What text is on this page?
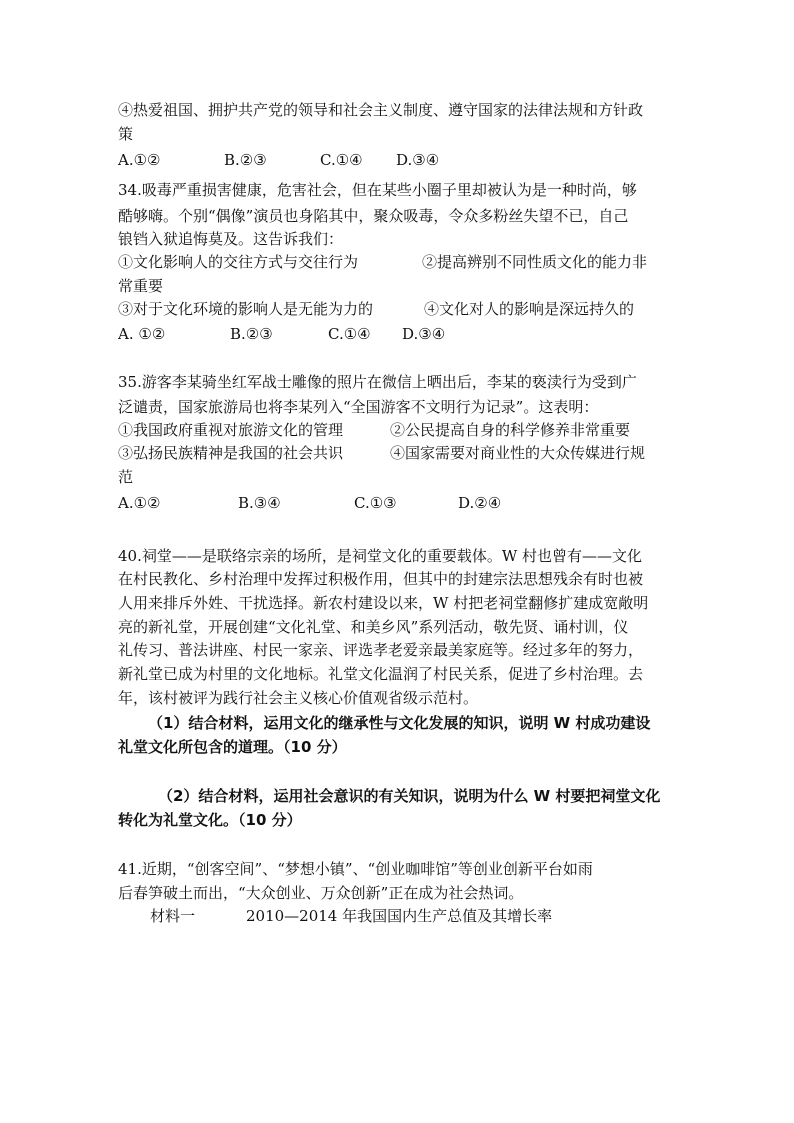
④热爱祖国、拥护共产党的领导和社会主义制度、遵守国家的法律法规和方针政
策
A.①②	B.②③	C.①④ D.③④
34.吸毒严重损害健康，危害社会，但在某些小圈子里却被认为是一种时尚，够
酷够嗨。个别“偶像”演员也身陷其中，聚众吸毒，令众多粉丝失望不已，自己
锒铛入狱追悔莫及。这告诉我们：
①文化影响人的交往方式与交往行为	②提高辨别不同性质文化的能力非
常重要
③对于文化环境的影响人是无能为力的	④文化对人的影响是深远持久的
A. ①②	B.②③	C.①④ D.③④
35.游客李某骑坐红军战士雕像的照片在微信上晒出后，李某的亵渎行为受到广
泛谴责，国家旅游局也将李某列入“全国游客不文明行为记录”。这表明：
①我国政府重视对旅游文化的管理	②公民提高自身的科学修养非常重要
③弘扬民族精神是我国的社会共识	④国家需要对商业性的大众传媒进行规
范
A.①②	B.③④	C.①③	D.②④
40.祠堂——是联络宗亲的场所，是祠堂文化的重要载体。W 村也曾有——文化
在村民教化、乡村治理中发挥过积极作用，但其中的封建宗法思想残余有时也被
人用来排斥外姓、干扰选择。新农村建设以来，W 村把老祠堂翻修扩建成宽敞明
亮的新礼堂，开展创建“文化礼堂、和美乡风”系列活动，敬先贤、诵村训，仪
礼传习、普法讲座、村民一家亲、评选孝老爱亲最美家庭等。经过多年的努力，
新礼堂已成为村里的文化地标。礼堂文化温润了村民关系，促进了乡村治理。去
年，该村被评为践行社会主义核心价值观省级示范村。
（1）结合材料，运用文化的继承性与文化发展的知识，说明 W 村成功建设
礼堂文化所包含的道理。（10 分）
（2）结合材料，运用社会意识的有关知识，说明为什么 W 村要把祠堂文化
转化为礼堂文化。（10 分）
41.近期，“创客空间”、“梦想小镇”、“创业咖啡馆”等创业创新平台如雨
后春笋破土而出，“大众创业、万众创新”正在成为社会热词。
材料一	2010—2014 年我国国内生产总值及其增长率
